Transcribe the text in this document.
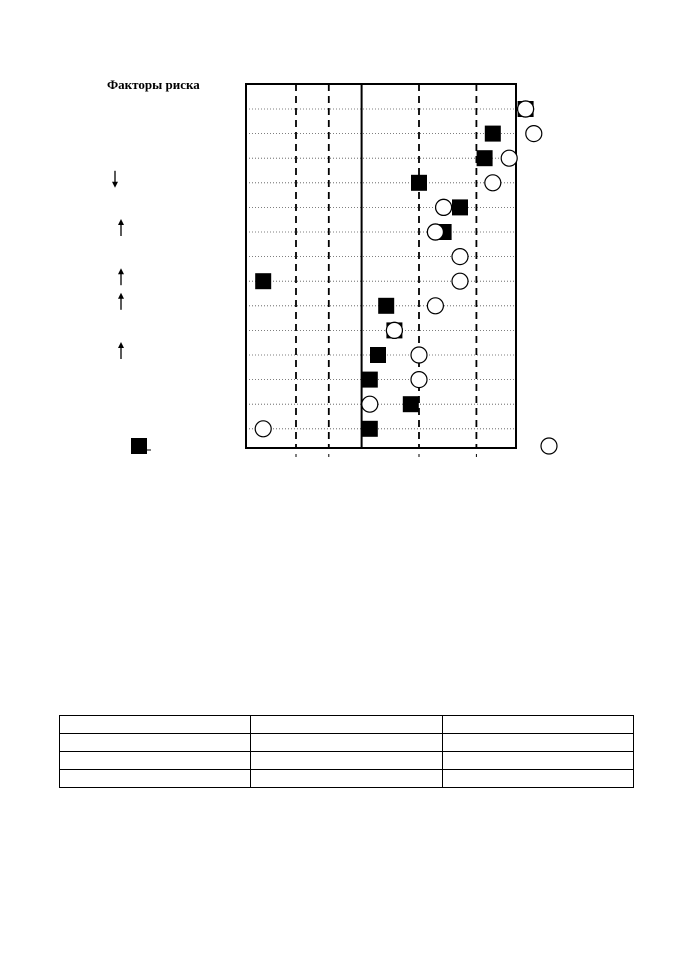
Факторы риска
